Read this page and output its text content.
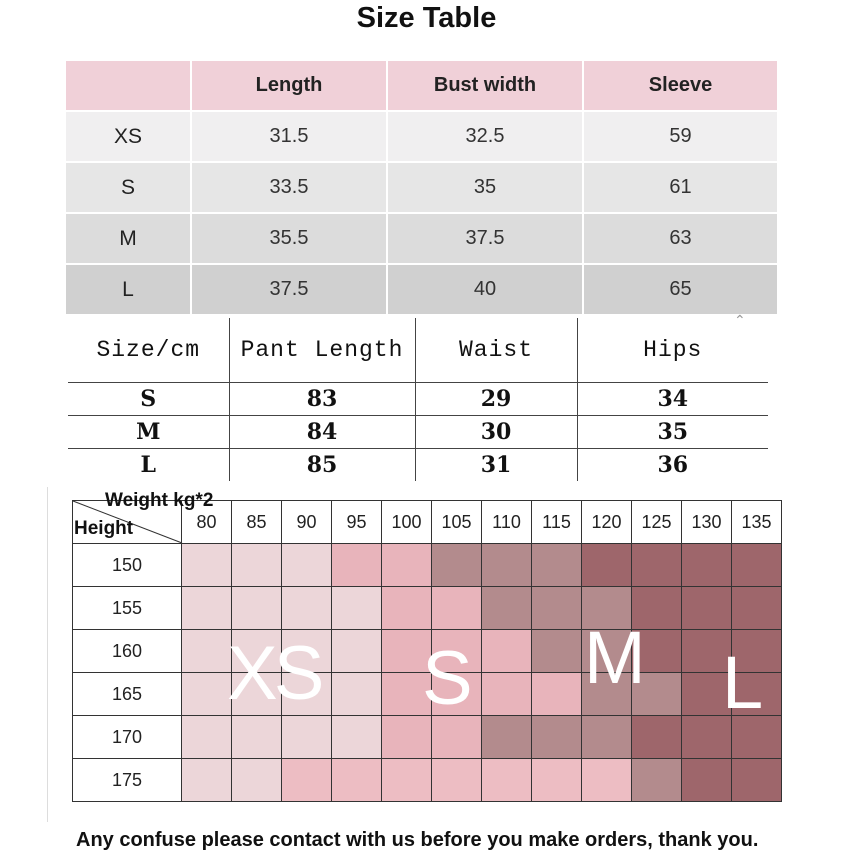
Size Table
	Length	Bust width	Sleeve
XS	31.5	32.5	59
S	33.5	35	61
M	35.5	37.5	63
L	37.5	40	65
⌃
Size/cm	Pant Length	Waist	Hips
S	83	29	34
M	84	30	35
L	85	31	36
Weight kg*2
Height	80	85	90	95	100	105	110	115	120	125	130	135
150												
155												
160												
165												
170												
175												
XS S M L
Any confuse please contact with us before you make orders, thank you.
